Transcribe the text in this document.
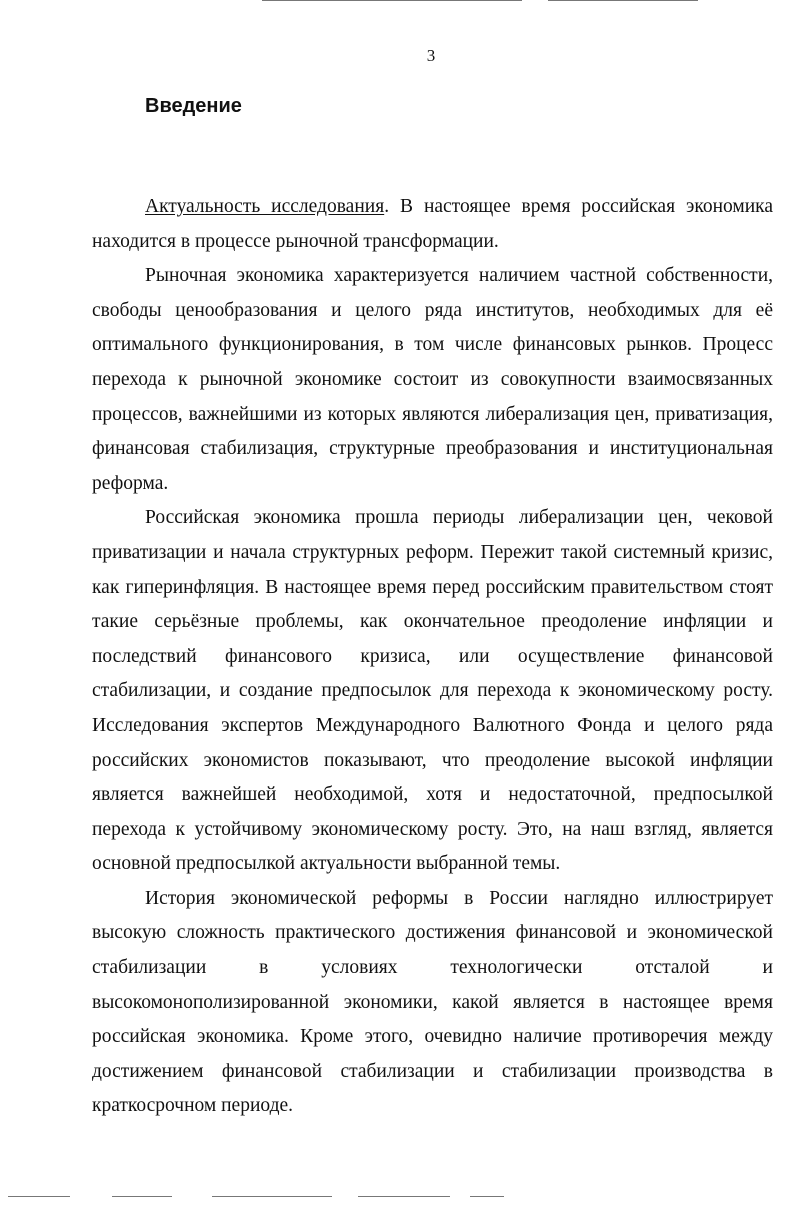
3
Введение

Актуальность исследования. В настоящее время российская экономика находится в процессе рыночной трансформации.

Рыночная экономика характеризуется наличием частной собственности, свободы ценообразования и целого ряда институтов, необходимых для её оптимального функционирования, в том числе финансовых рынков. Процесс перехода к рыночной экономике состоит из совокупности взаимосвязанных процессов, важнейшими из которых являются либерализация цен, приватизация, финансовая стабилизация, структурные преобразования и институциональная реформа.

Российская экономика прошла периоды либерализации цен, чековой приватизации и начала структурных реформ. Пережит такой системный кризис, как гиперинфляция. В настоящее время перед российским правительством стоят такие серьёзные проблемы, как окончательное преодоление инфляции и последствий финансового кризиса, или осуществление финансовой стабилизации, и создание предпосылок для перехода к экономическому росту. Исследования экспертов Международного Валютного Фонда и целого ряда российских экономистов показывают, что преодоление высокой инфляции является важнейшей необходимой, хотя и недостаточной, предпосылкой перехода к устойчивому экономическому росту. Это, на наш взгляд, является основной предпосылкой актуальности выбранной темы.

История экономической реформы в России наглядно иллюстрирует высокую сложность практического достижения финансовой и экономической стабилизации в условиях технологически отсталой и высокомонополизированной экономики, какой является в настоящее время российская экономика. Кроме этого, очевидно наличие противоречия между достижением финансовой стабилизации и стабилизации производства в краткосрочном периоде.
